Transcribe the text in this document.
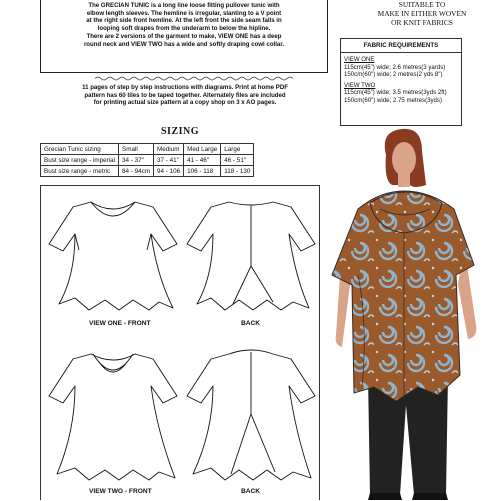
The GRECIAN TUNIC is a long line loose fitting pullover tunic with

elbow length sleeves. The hemline is irregular, slanting to a V point

at the right side front hemline. At the left front the side seam falls in

looping soft drapes from the underarm to below the hipline.

There are 2 versions of the garment to make, VIEW ONE has a deep

round neck and VIEW TWO has a wide and softly draping cowl collar.

11 pages of step by step instructions with diagrams. Print at home PDF
pattern has 60 tiles to be taped together. Alternately files are included
for printing actual size pattern at a copy shop on 3 x AO pages.
SIZING
Grecian Tunic sizing	Small	Medium	Med Large	Large
Bust size range - imperial	34 - 37"	37 - 41"	41 - 46"	46 - 51"
Bust size range - metric	84 - 94cm	94 - 106	106 - 118	118 - 130
SUITABLE TO
MAKE IN EITHER WOVEN
OR KNIT FABRICS
FABRIC REQUIREMENTS
VIEW ONE
115cm(45") wide; 2.6 metres(3 yards)
150cm(60") wide; 2 metres(2 yds 8")
VIEW TWO
115cm(45") wide; 3.5 metres(3yds 2ft)
150cm(60") wide; 2.75 metres(3yds)
VIEW ONE - FRONT	BACK
VIEW TWO - FRONT	BACK
